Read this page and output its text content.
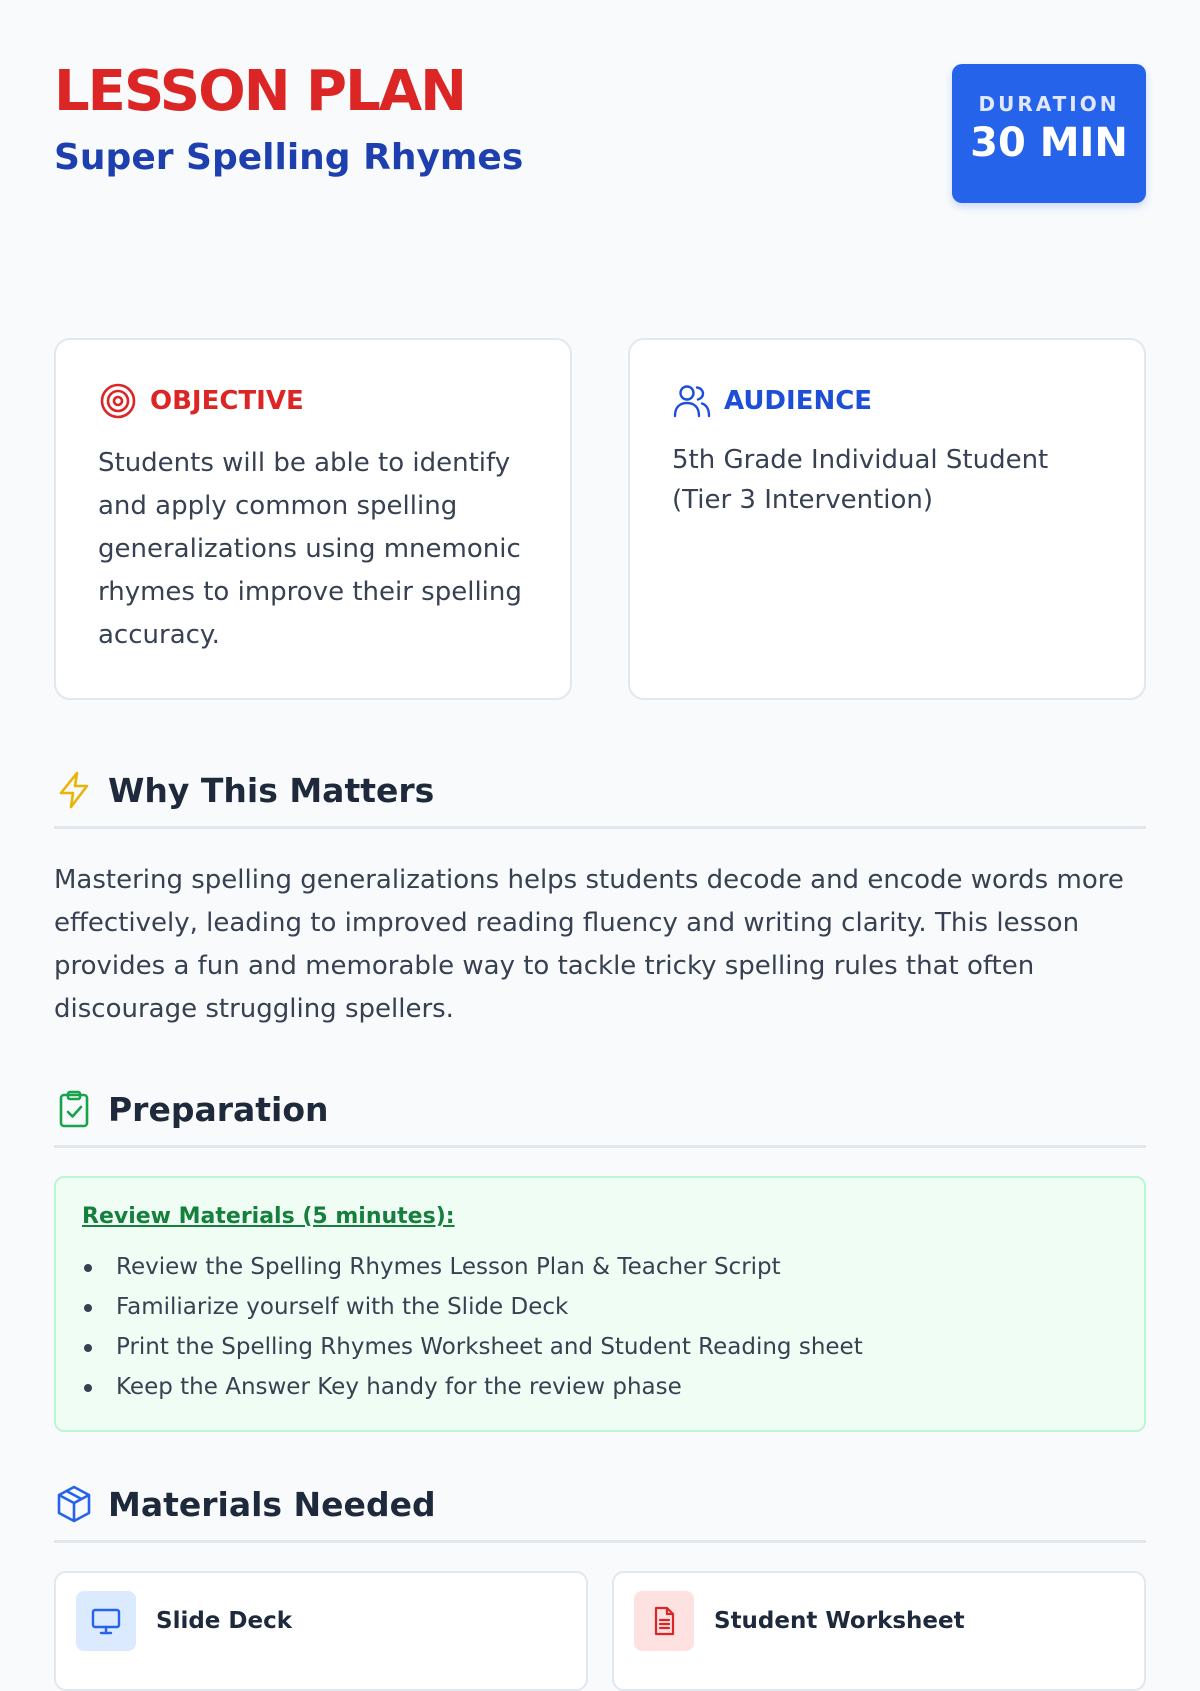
LESSON PLAN
Super Spelling Rhymes
DURATION
30 MIN
OBJECTIVE
Students will be able to identify and apply common spelling generalizations using mnemonic rhymes to improve their spelling accuracy.
AUDIENCE
5th Grade Individual Student (Tier 3 Intervention)
Why This Matters

Mastering spelling generalizations helps students decode and encode words more effectively, leading to improved reading fluency and writing clarity. This lesson provides a fun and memorable way to tackle tricky spelling rules that often discourage struggling spellers.

Preparation
Review Materials (5 minutes):
Review the Spelling Rhymes Lesson Plan & Teacher Script
Familiarize yourself with the Slide Deck
Print the Spelling Rhymes Worksheet and Student Reading sheet
Keep the Answer Key handy for the review phase
Materials Needed
Slide Deck	Student Worksheet
